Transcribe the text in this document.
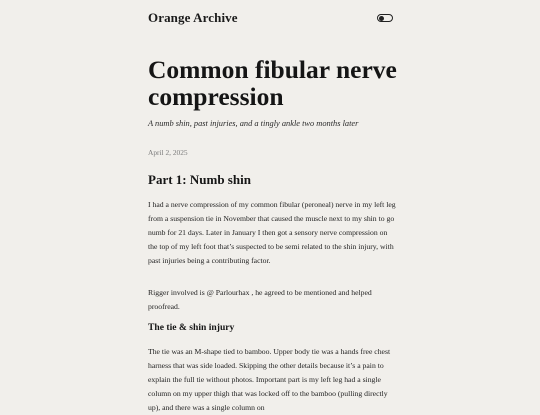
Orange Archive
Common fibular nerve compression

A numb shin, past injuries, and a tingly ankle two months later

April 2, 2025
Part 1: Numb shin

I had a nerve compression of my common fibular (peroneal) nerve in my left leg from a suspension tie in November that caused the muscle next to my shin to go numb for 21 days. Later in January I then got a sensory nerve compression on the top of my left foot that’s suspected to be semi related to the shin injury, with past injuries being a contributing factor.

Rigger involved is @ Parlourhax , he agreed to be mentioned and helped proofread.

The tie & shin injury

The tie was an M-shape tied to bamboo. Upper body tie was a hands free chest harness that was side loaded. Skipping the other details because it’s a pain to explain the full tie without photos. Important part is my left leg had a single column on my upper thigh that was locked off to the bamboo (pulling directly up), and there was a single column on
